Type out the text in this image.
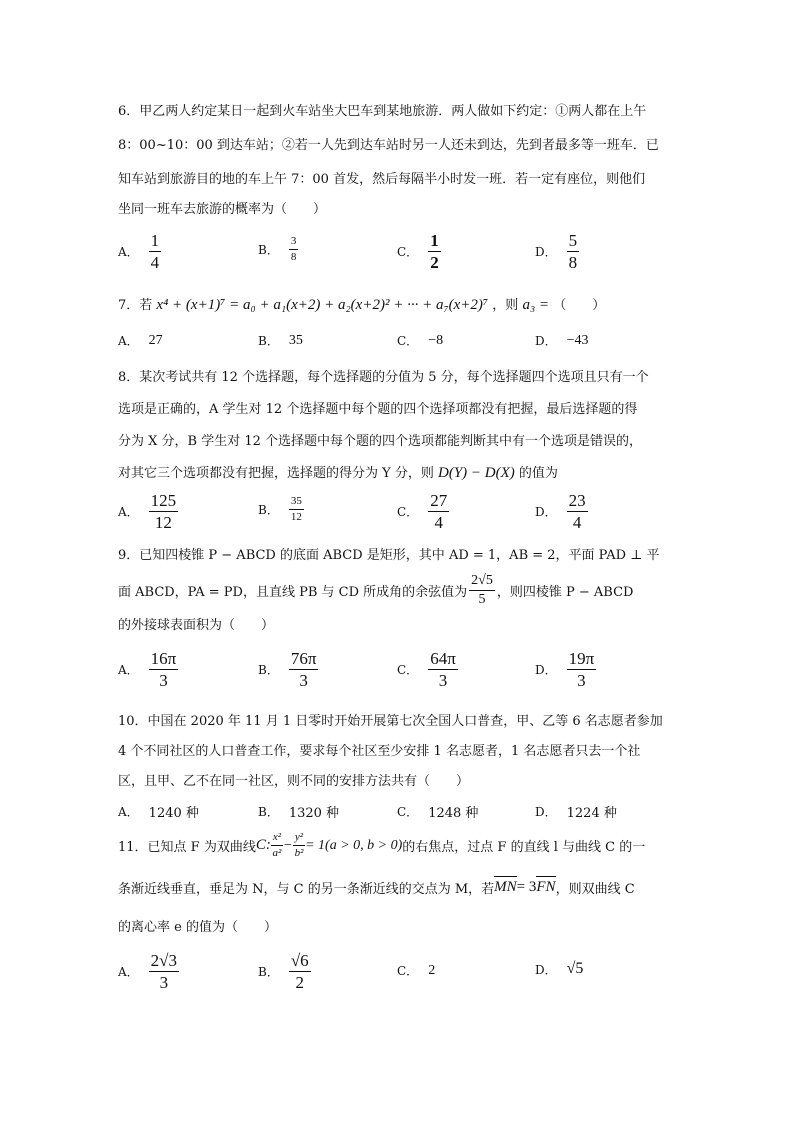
6．甲乙两人约定某日一起到火车站坐大巴车到某地旅游．两人做如下约定：①两人都在上午
8：00~10：00 到达车站；②若一人先到达车站时另一人还未到达，先到者最多等一班车．已
知车站到旅游目的地的车上午 7：00 首发，然后每隔半小时发一班．若一定有座位，则他们
坐同一班车去旅游的概率为（　　）
A． $\frac{1}{4}$	B． $\frac{3}{8}$	C． $\frac{1}{2}$	D． $\frac{5}{8}$
7．若 x⁴ + (x+1)⁷ = a₀ + a₁(x+2) + a₂(x+2)² + ··· + a₇(x+2)⁷ ，则 a₃ = （　　）
A． 27	B． 35	C． −8	D． −43
8．某次考试共有 12 个选择题，每个选择题的分值为 5 分，每个选择题四个选项且只有一个
选项是正确的，A 学生对 12 个选择题中每个题的四个选择项都没有把握，最后选择题的得
分为 X 分，B 学生对 12 个选择题中每个题的四个选项都能判断其中有一个选项是错误的，
对其它三个选项都没有把握，选择题的得分为 Y 分，则 D(Y) − D(X) 的值为
A． $\frac{125}{12}$	B． $\frac{35}{12}$	C． $\frac{27}{4}$	D． $\frac{23}{4}$
9．已知四棱锥 P − ABCD 的底面 ABCD 是矩形，其中 AD = 1，AB = 2，平面 PAD ⊥ 平
面 ABCD，PA = PD，且直线 PB 与 CD 所成角的余弦值为 $\frac{2√5}{5}$ ，则四棱锥 P − ABCD
的外接球表面积为（　　）
A． $\frac{16\pi}{3}$	B． $\frac{76\pi}{3}$	C． $\frac{64\pi}{3}$	D． $\frac{19\pi}{3}$
10．中国在 2020 年 11 月 1 日零时开始开展第七次全国人口普查，甲、乙等 6 名志愿者参加
4 个不同社区的人口普查工作，要求每个社区至少安排 1 名志愿者，1 名志愿者只去一个社
区，且甲、乙不在同一社区，则不同的安排方法共有（　　）
A． 1240 种	B． 1320 种	C． 1248 种	D． 1224 种
11．已知点 F 为双曲线 C: $\frac{\text{x²}}{\text{a²}} - \frac{\text{y²}}{\text{b²}} = 1(a > 0$, b > 0) 的右焦点，过点 F 的直线 l 与曲线 C 的一
条渐近线垂直，垂足为 N，与 C 的另一条渐近线的交点为 M，若 MN = 3 FN ，则双曲线 C
的离心率 e 的值为（　　）
A． $\frac{2√3}{3}$	B． $\frac{√6}{2}$	C． 2	D． √5
